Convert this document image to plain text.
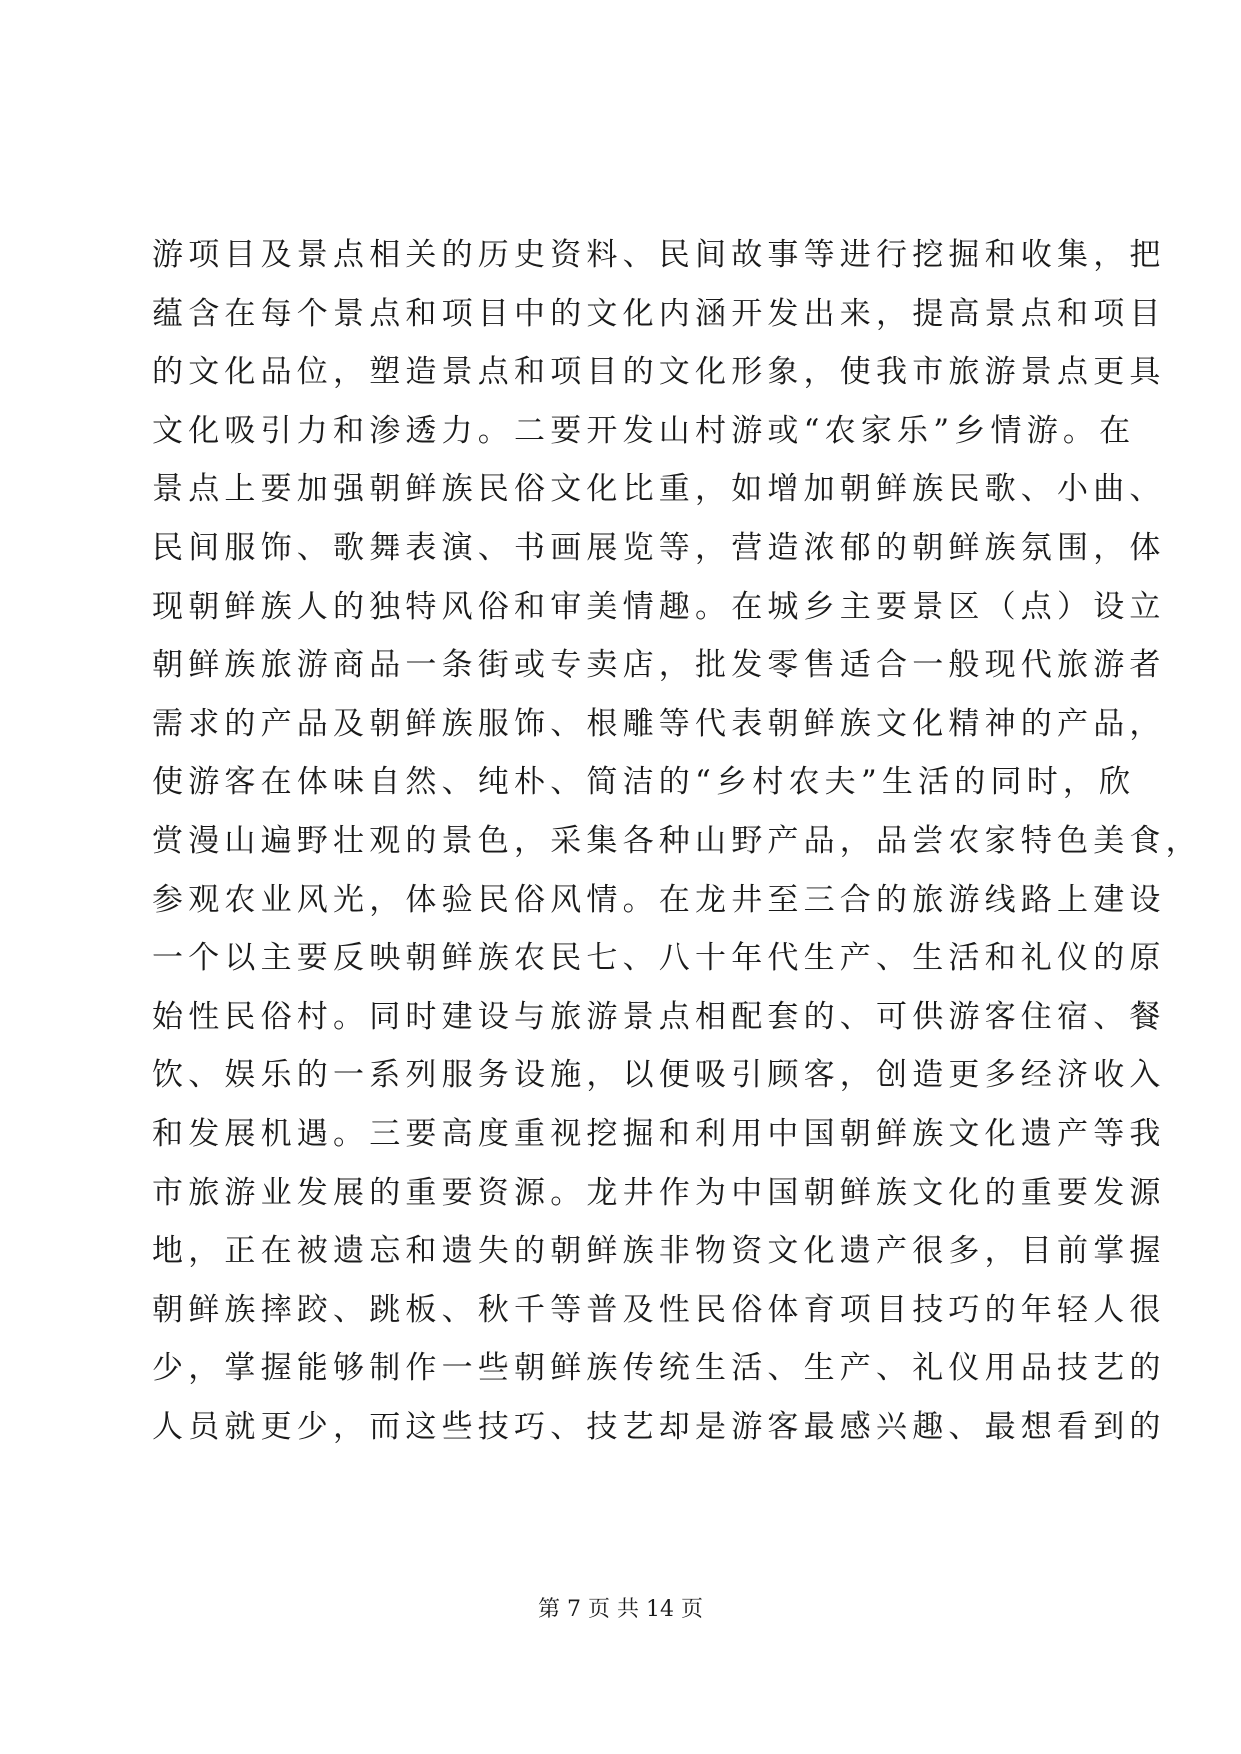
游项目及景点相关的历史资料、民间故事等进行挖掘和收集，把
蕴含在每个景点和项目中的文化内涵开发出来，提高景点和项目
的文化品位，塑造景点和项目的文化形象，使我市旅游景点更具
文化吸引力和渗透力。二要开发山村游或“农家乐”乡情游。在
景点上要加强朝鲜族民俗文化比重，如增加朝鲜族民歌、小曲、
民间服饰、歌舞表演、书画展览等，营造浓郁的朝鲜族氛围，体
现朝鲜族人的独特风俗和审美情趣。在城乡主要景区（点）设立
朝鲜族旅游商品一条街或专卖店，批发零售适合一般现代旅游者
需求的产品及朝鲜族服饰、根雕等代表朝鲜族文化精神的产品，
使游客在体味自然、纯朴、简洁的“乡村农夫”生活的同时，欣
赏漫山遍野壮观的景色，采集各种山野产品，品尝农家特色美食，
参观农业风光，体验民俗风情。在龙井至三合的旅游线路上建设
一个以主要反映朝鲜族农民七、八十年代生产、生活和礼仪的原
始性民俗村。同时建设与旅游景点相配套的、可供游客住宿、餐
饮、娱乐的一系列服务设施，以便吸引顾客，创造更多经济收入
和发展机遇。三要高度重视挖掘和利用中国朝鲜族文化遗产等我
市旅游业发展的重要资源。龙井作为中国朝鲜族文化的重要发源
地，正在被遗忘和遗失的朝鲜族非物资文化遗产很多，目前掌握
朝鲜族摔跤、跳板、秋千等普及性民俗体育项目技巧的年轻人很
少，掌握能够制作一些朝鲜族传统生活、生产、礼仪用品技艺的
人员就更少，而这些技巧、技艺却是游客最感兴趣、最想看到的
第 7 页 共 14 页
